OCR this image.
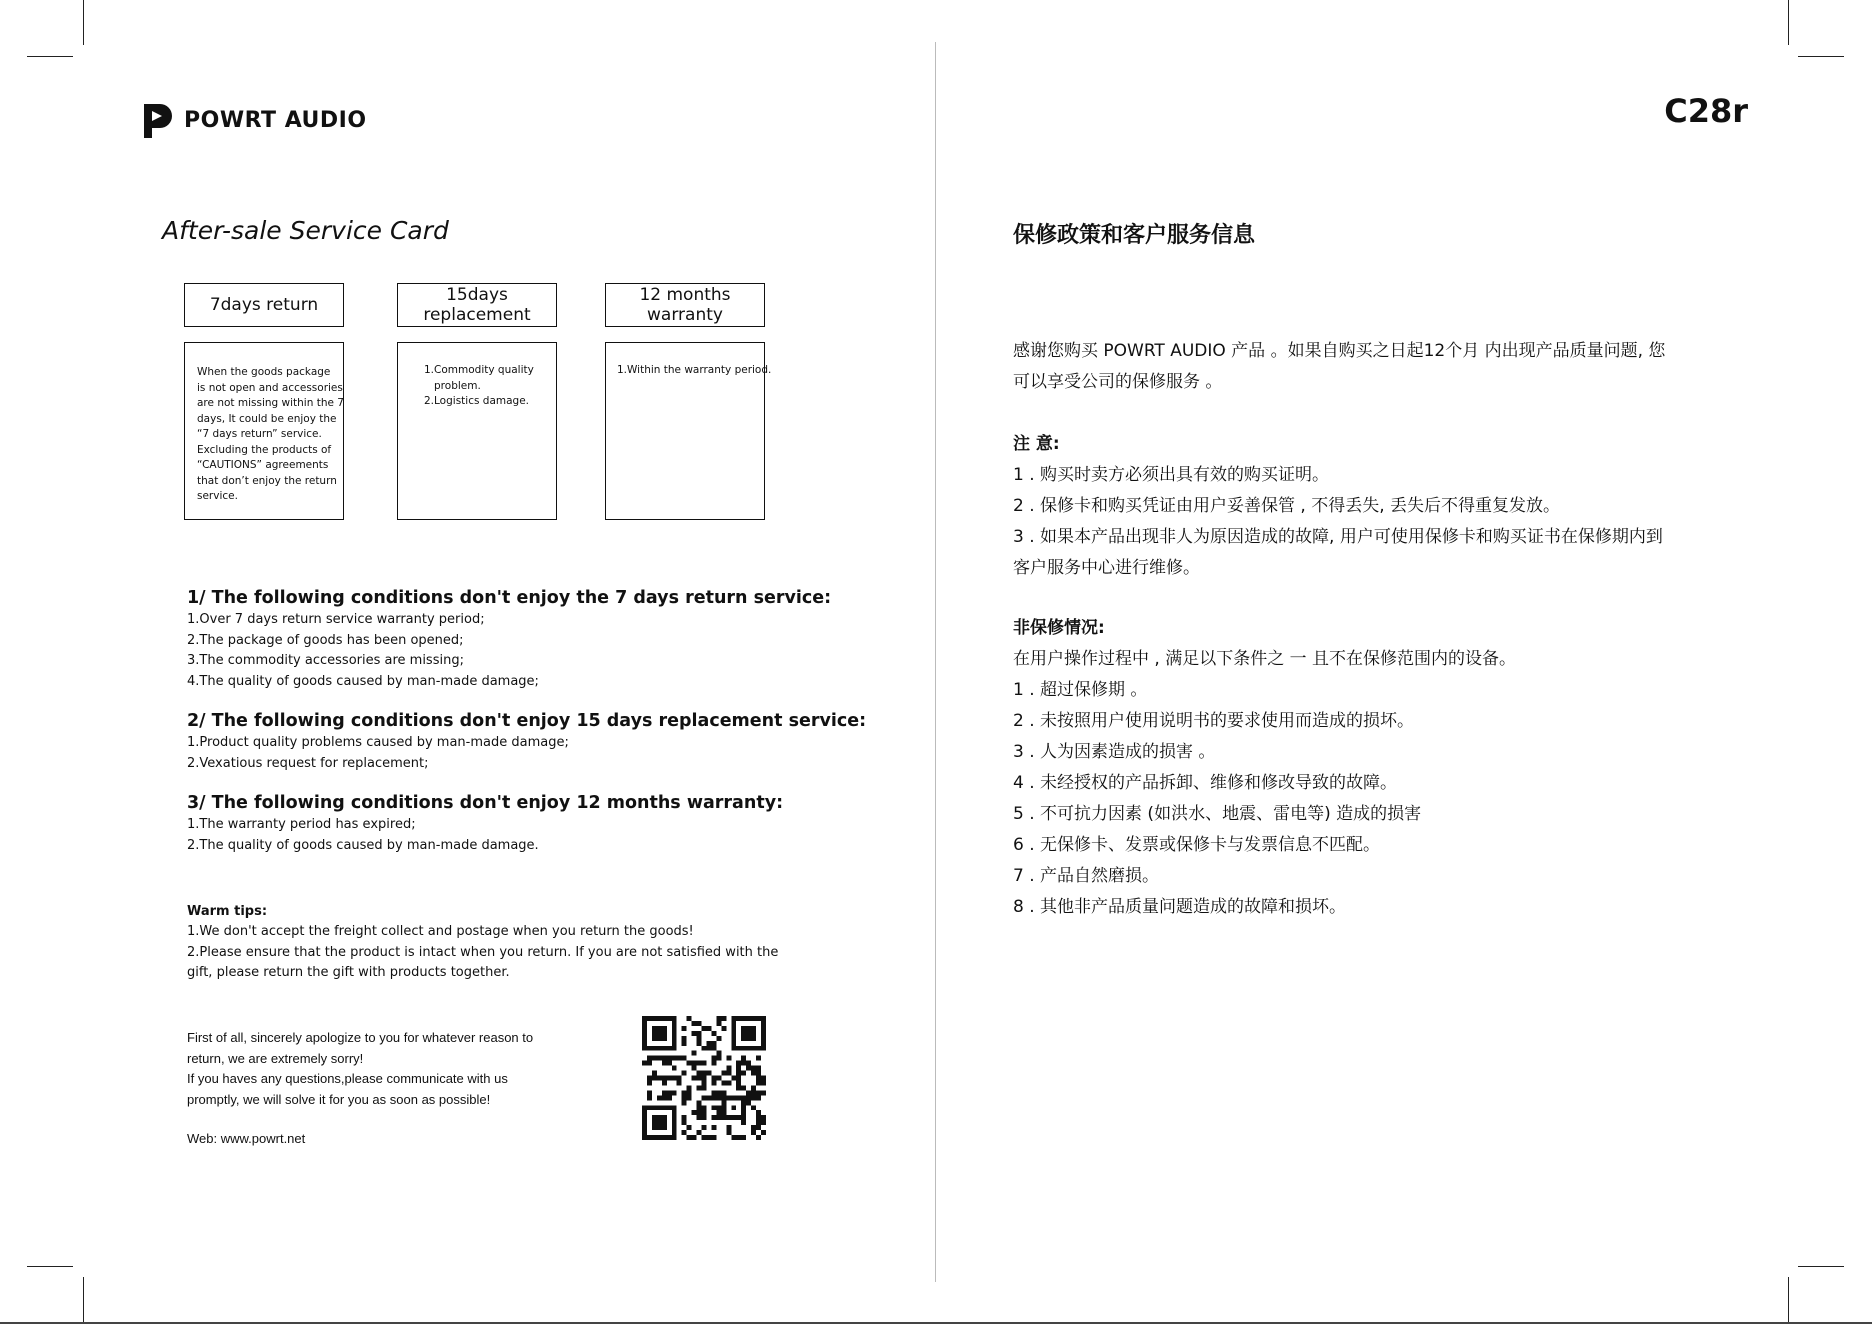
POWRT AUDIO	C28r
After-sale Service Card
7days return	15days
replacement
12 months
warranty
When the goods package
is not open and accessories
are not missing within the 7
days, It could be enjoy the
“7 days return” service.
Excluding the products of
“CAUTIONS” agreements
that don’t enjoy the return
service.
1.Commodity quality
problem.
2.Logistics damage.
1.Within the warranty period.
1/ The following conditions don't enjoy the 7 days return service:
1.Over 7 days return service warranty period;
2.The package of goods has been opened;
3.The commodity accessories are missing;
4.The quality of goods caused by man-made damage;
2/ The following conditions don't enjoy 15 days replacement service:
1.Product quality problems caused by man-made damage;
2.Vexatious request for replacement;
3/ The following conditions don't enjoy 12 months warranty:
1.The warranty period has expired;
2.The quality of goods caused by man-made damage.
Warm tips:
1.We don't accept the freight collect and postage when you return the goods!
2.Please ensure that the product is intact when you return. If you are not satisfied with the
gift, please return the gift with products together.
First of all, sincerely apologize to you for whatever reason to
return, we are extremely sorry!
If you haves any questions,please communicate with us
promptly, we will solve it for you as soon as possible!
Web: www.powrt.net
保修政策和客户服务信息
感谢您购买 POWRT AUDIO 产品 。如果自购买之日起12个月 内出现产品质量问题, 您
可以享受公司的保修服务 。
注 意:
1 . 购买时卖方必须出具有效的购买证明。
2 . 保修卡和购买凭证由用户妥善保管 , 不得丢失, 丢失后不得重复发放。
3 . 如果本产品出现非人为原因造成的故障, 用户可使用保修卡和购买证书在保修期内到
客户服务中心进行维修。
非保修情况:
在用户操作过程中 , 满足以下条件之 一 且不在保修范围内的设备。
1 . 超过保修期 。
2 . 未按照用户使用说明书的要求使用而造成的损坏。
3 . 人为因素造成的损害 。
4 . 未经授权的产品拆卸、维修和修改导致的故障。
5 . 不可抗力因素 (如洪水、地震、雷电等) 造成的损害
6 . 无保修卡、发票或保修卡与发票信息不匹配。
7 . 产品自然磨损。
8 . 其他非产品质量问题造成的故障和损坏。
